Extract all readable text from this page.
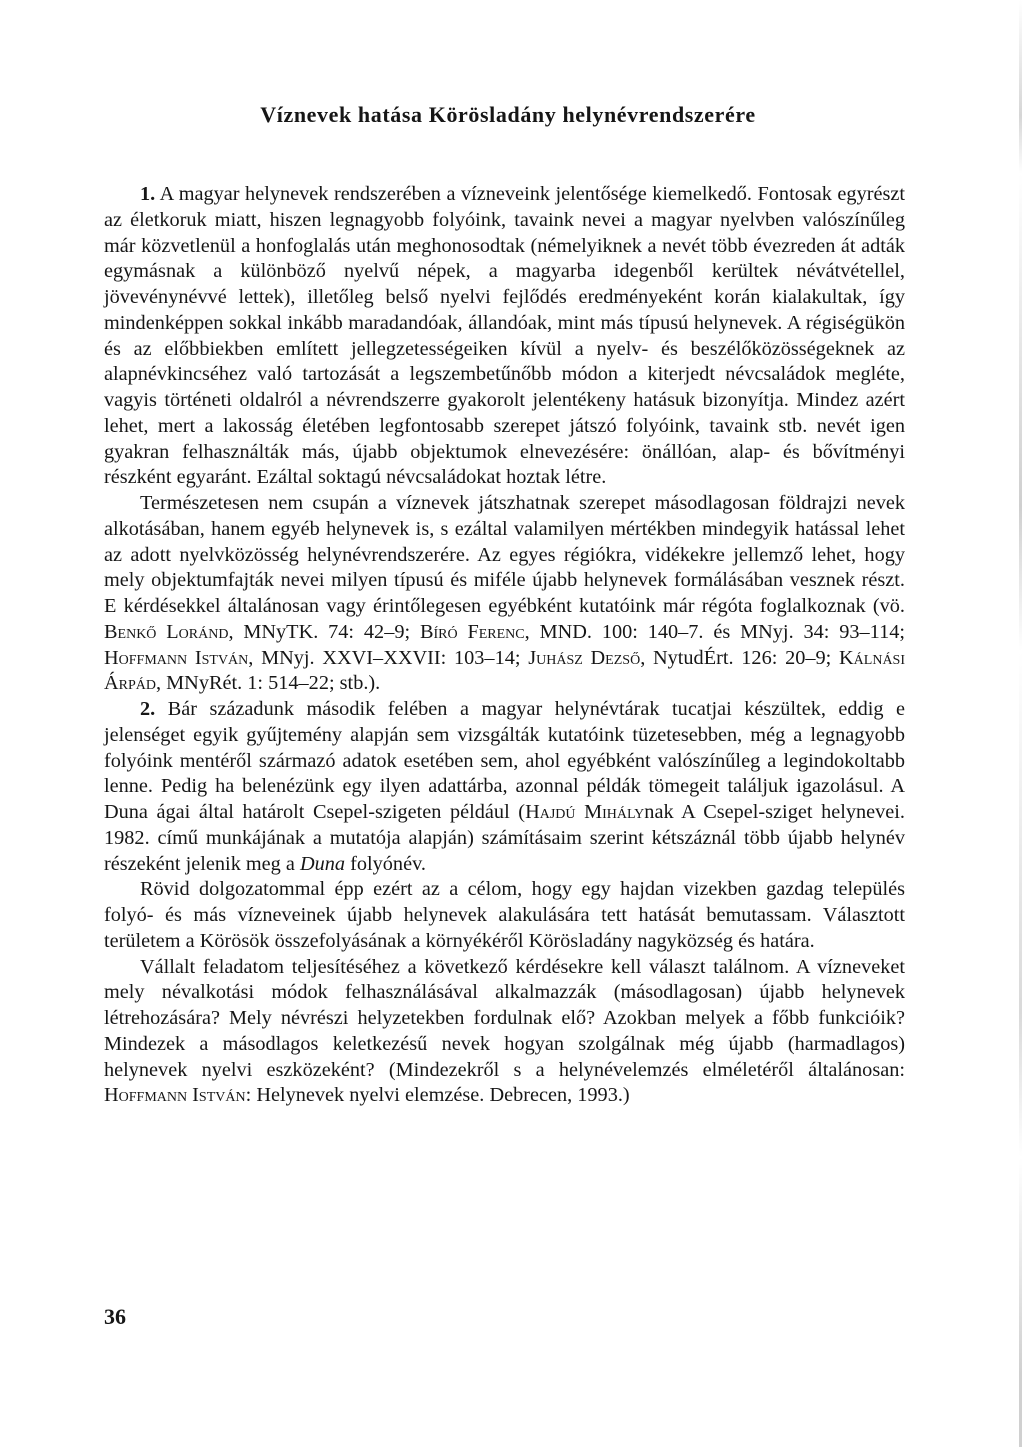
Víznevek hatása Körösladány helynévrendszerére

1. A magyar helynevek rendszerében a vízneveink jelentősége kiemelkedő. Fontosak egyrészt az életkoruk miatt, hiszen legnagyobb folyóink, tavaink nevei a magyar nyelvben valószínűleg már közvetlenül a honfoglalás után meghonosodtak (némelyiknek a nevét több évezreden át adták egymásnak a különböző nyelvű népek, a magyarba idegenből kerültek névátvétellel, jövevénynévvé lettek), illetőleg belső nyelvi fejlődés eredményeként korán kialakultak, így mindenképpen sokkal inkább maradandóak, állandóak, mint más típusú helynevek. A régiségükön és az előbbiekben említett jellegzetességeiken kívül a nyelv- és beszélőközösségeknek az alapnévkincséhez való tartozását a legszembetűnőbb módon a kiterjedt névcsaládok megléte, vagyis történeti oldalról a névrendszerre gyakorolt jelentékeny hatásuk bizonyítja. Mindez azért lehet, mert a lakosság életében legfontosabb szerepet játszó folyóink, tavaink stb. nevét igen gyakran felhasználták más, újabb objektumok elnevezésére: önállóan, alap- és bővítményi részként egyaránt. Ezáltal soktagú névcsaládokat hoztak létre.

Természetesen nem csupán a víznevek játszhatnak szerepet másodlagosan földrajzi nevek alkotásában, hanem egyéb helynevek is, s ezáltal valamilyen mértékben mindegyik hatással lehet az adott nyelvközösség helynévrendszerére. Az egyes régiókra, vidékekre jellemző lehet, hogy mely objektumfajták nevei milyen típusú és miféle újabb helynevek formálásában vesznek részt. E kérdésekkel általánosan vagy érintőlegesen egyébként kutatóink már régóta foglalkoznak (vö. Benkő Loránd, MNyTK. 74: 42–9; Bíró Ferenc, MND. 100: 140–7. és MNyj. 34: 93–114; Hoffmann István, MNyj. XXVI–XXVII: 103–14; Juhász Dezső, NytudÉrt. 126: 20–9; Kálnási Árpád, MNyRét. 1: 514–22; stb.).

2. Bár századunk második felében a magyar helynévtárak tucatjai készültek, eddig e jelenséget egyik gyűjtemény alapján sem vizsgálták kutatóink tüzetesebben, még a legnagyobb folyóink mentéről származó adatok esetében sem, ahol egyébként valószínűleg a legindokoltabb lenne. Pedig ha belenézünk egy ilyen adattárba, azonnal példák tömegeit találjuk igazolásul. A Duna ágai által határolt Csepel-szigeten például (Hajdú Mihálynak A Csepel-sziget helynevei. 1982. című munkájának a mutatója alapján) számításaim szerint kétszáznál több újabb helynév részeként jelenik meg a Duna folyónév.

Rövid dolgozatommal épp ezért az a célom, hogy egy hajdan vizekben gazdag település folyó- és más vízneveinek újabb helynevek alakulására tett hatását bemutassam. Választott területem a Körösök összefolyásának a környékéről Körösladány nagyközség és határa.

Vállalt feladatom teljesítéséhez a következő kérdésekre kell választ találnom. A vízneveket mely névalkotási módok felhasználásával alkalmazzák (másodlagosan) újabb helynevek létrehozására? Mely névrészi helyzetekben fordulnak elő? Azokban melyek a főbb funkcióik? Mindezek a másodlagos keletkezésű nevek hogyan szolgálnak még újabb (harmadlagos) helynevek nyelvi eszközeként? (Mindezekről s a helynévelemzés elméletéről általánosan: Hoffmann István: Helynevek nyelvi elemzése. Debrecen, 1993.)

36
